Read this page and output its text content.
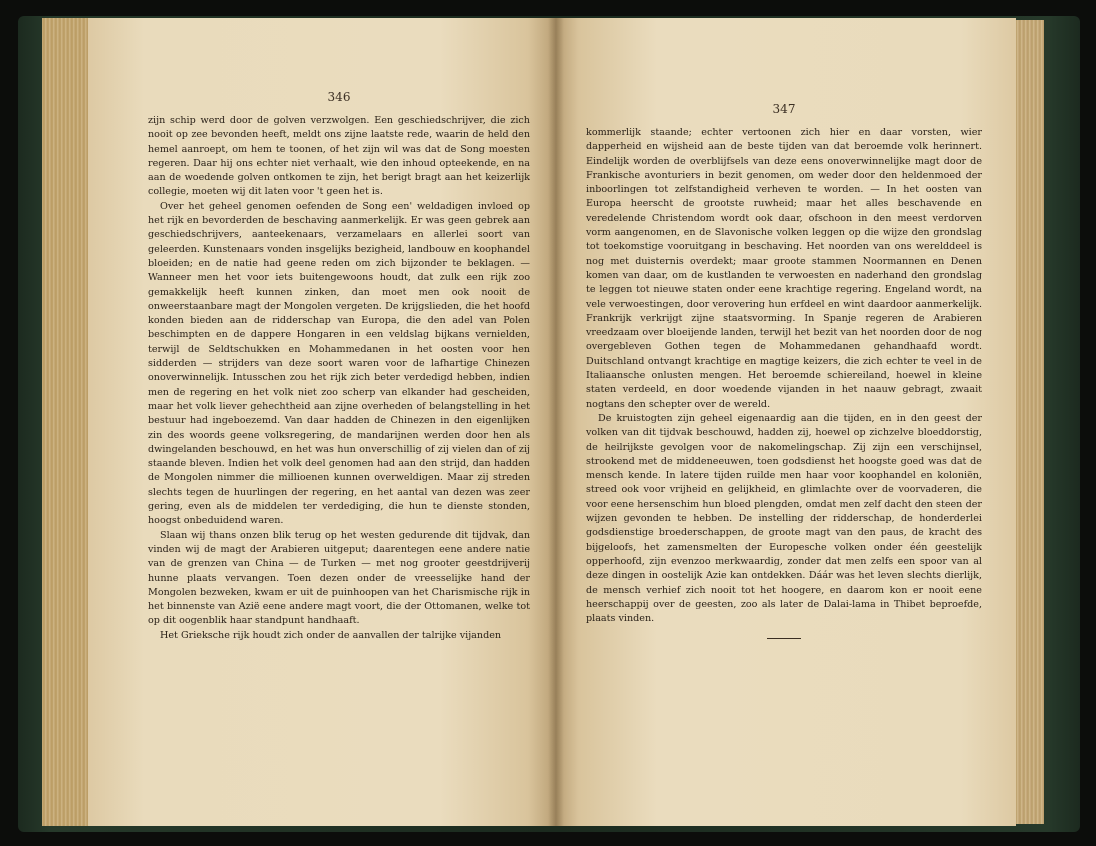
346

zijn schip werd door de golven verzwolgen. Een geschiedschrijver, die zich nooit op zee bevonden heeft, meldt ons zijne laatste rede, waarin de held den hemel aanroept, om hem te toonen, of het zijn wil was dat de Song moesten regeren. Daar hij ons echter niet verhaalt, wie den inhoud opteekende, en na aan de woedende golven ontkomen te zijn, het berigt bragt aan het keizerlijk collegie, moeten wij dit laten voor 't geen het is.

Over het geheel genomen oefenden de Song een' weldadigen invloed op het rijk en bevorderden de beschaving aanmerkelijk. Er was geen gebrek aan geschiedschrijvers, aanteekenaars, verzamelaars en allerlei soort van geleerden. Kunstenaars vonden insgelijks bezigheid, landbouw en koophandel bloeiden; en de natie had geene reden om zich bijzonder te beklagen. — Wanneer men het voor iets buitengewoons houdt, dat zulk een rijk zoo gemakkelijk heeft kunnen zinken, dan moet men ook nooit de onweerstaanbare magt der Mongolen vergeten. De krijgslieden, die het hoofd konden bieden aan de ridderschap van Europa, die den adel van Polen beschimpten en de dappere Hongaren in een veldslag bijkans vernielden, terwijl de Seldtschukken en Mohammedanen in het oosten voor hen sidderden — strijders van deze soort waren voor de lafhartige Chinezen onoverwinnelijk. Intusschen zou het rijk zich beter verdedigd hebben, indien men de regering en het volk niet zoo scherp van elkander had gescheiden, maar het volk liever gehechtheid aan zijne overheden of belangstelling in het bestuur had ingeboezemd. Van daar hadden de Chinezen in den eigenlijken zin des woords geene volksregering, de mandarijnen werden door hen als dwingelanden beschouwd, en het was hun onverschillig of zij vielen dan of zij staande bleven. Indien het volk deel genomen had aan den strijd, dan hadden de Mongolen nimmer die millioenen kunnen overweldigen. Maar zij streden slechts tegen de huurlingen der regering, en het aantal van dezen was zeer gering, even als de middelen ter verdediging, die hun te dienste stonden, hoogst onbeduidend waren.

Slaan wij thans onzen blik terug op het westen gedurende dit tijdvak, dan vinden wij de magt der Arabieren uitgeput; daarentegen eene andere natie van de grenzen van China — de Turken — met nog grooter geestdrijverij hunne plaats vervangen. Toen dezen onder de vreesselijke hand der Mongolen bezweken, kwam er uit de puinhoopen van het Charismische rijk in het binnenste van Azië eene andere magt voort, die der Ottomanen, welke tot op dit oogenblik haar standpunt handhaaft.

Het Grieksche rijk houdt zich onder de aanvallen der talrijke vijanden

347

kommerlijk staande; echter vertoonen zich hier en daar vorsten, wier dapperheid en wijsheid aan de beste tijden van dat beroemde volk herinnert. Eindelijk worden de overblijfsels van deze eens onoverwinnelijke magt door de Frankische avonturiers in bezit genomen, om weder door den heldenmoed der inboorlingen tot zelfstandigheid verheven te worden. — In het oosten van Europa heerscht de grootste ruwheid; maar het alles beschavende en veredelende Christendom wordt ook daar, ofschoon in den meest verdorven vorm aangenomen, en de Slavonische volken leggen op die wijze den grondslag tot toekomstige vooruitgang in beschaving. Het noorden van ons werelddeel is nog met duisternis overdekt; maar groote stammen Noormannen en Denen komen van daar, om de kustlanden te verwoesten en naderhand den grondslag te leggen tot nieuwe staten onder eene krachtige regering. Engeland wordt, na vele verwoestingen, door verovering hun erfdeel en wint daardoor aanmerkelijk. Frankrijk verkrijgt zijne staatsvorming. In Spanje regeren de Arabieren vreedzaam over bloeijende landen, terwijl het bezit van het noorden door de nog overgebleven Gothen tegen de Mohammedanen gehandhaafd wordt. Duitschland ontvangt krachtige en magtige keizers, die zich echter te veel in de Italiaansche onlusten mengen. Het beroemde schiereiland, hoewel in kleine staten verdeeld, en door woedende vijanden in het naauw gebragt, zwaait nogtans den schepter over de wereld.

De kruistogten zijn geheel eigenaardig aan die tijden, en in den geest der volken van dit tijdvak beschouwd, hadden zij, hoewel op zichzelve bloeddorstig, de heilrijkste gevolgen voor de nakomelingschap. Zij zijn een verschijnsel, strookend met de middeneeuwen, toen godsdienst het hoogste goed was dat de mensch kende. In latere tijden ruilde men haar voor koophandel en koloniën, streed ook voor vrijheid en gelijkheid, en glimlachte over de voorvaderen, die voor eene hersenschim hun bloed plengden, omdat men zelf dacht den steen der wijzen gevonden te hebben. De instelling der ridderschap, de honderderlei godsdienstige broederschappen, de groote magt van den paus, de kracht des bijgeloofs, het zamensmelten der Europesche volken onder één geestelijk opperhoofd, zijn evenzoo merkwaardig, zonder dat men zelfs een spoor van al deze dingen in oostelijk Azie kan ontdekken. Dáár was het leven slechts dierlijk, de mensch verhief zich nooit tot het hoogere, en daarom kon er nooit eene heerschappij over de geesten, zoo als later de Dalai-lama in Thibet beproefde, plaats vinden.
